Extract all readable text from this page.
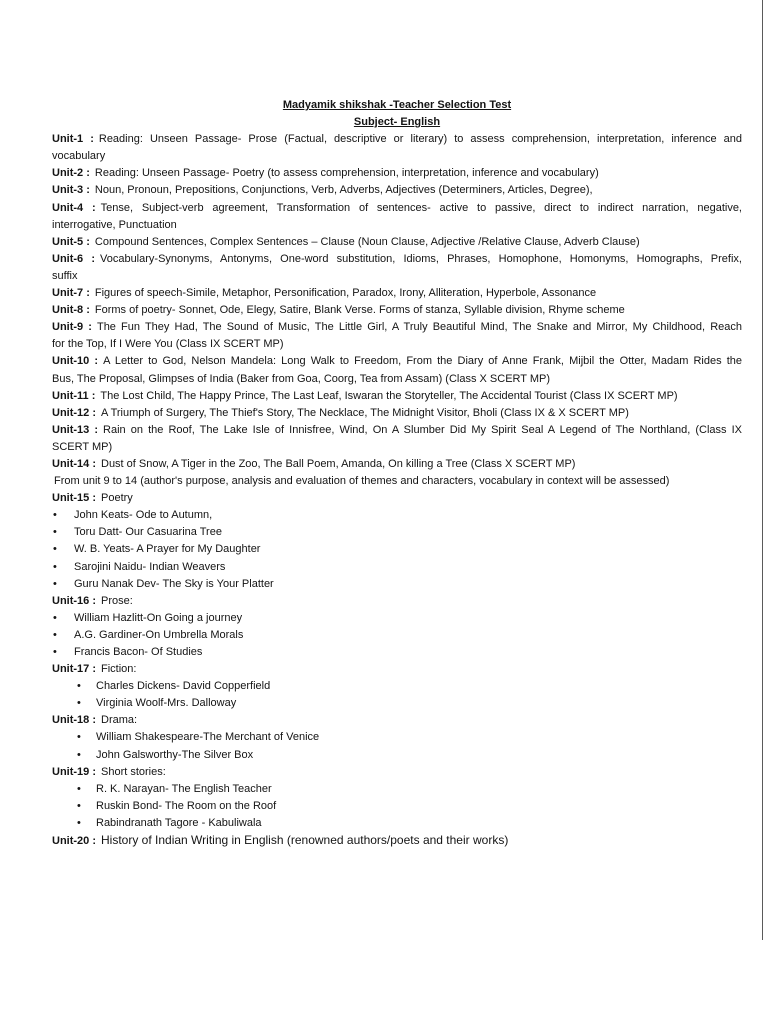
Madyamik shikshak -Teacher Selection Test
Subject- English
Unit-1 : Reading: Unseen Passage- Prose (Factual, descriptive or literary) to assess comprehension, interpretation, inference and
vocabulary
Unit-2 : Reading: Unseen Passage- Poetry (to assess comprehension, interpretation, inference and vocabulary)
Unit-3 : Noun, Pronoun, Prepositions, Conjunctions, Verb, Adverbs, Adjectives (Determiners, Articles, Degree),
Unit-4 : Tense, Subject-verb agreement, Transformation of sentences- active to passive, direct to indirect narration, negative,
interrogative, Punctuation
Unit-5 : Compound Sentences, Complex Sentences – Clause (Noun Clause, Adjective /Relative Clause, Adverb Clause)
Unit-6 : Vocabulary-Synonyms, Antonyms, One-word substitution, Idioms, Phrases, Homophone, Homonyms, Homographs, Prefix,
suffix
Unit-7 : Figures of speech-Simile, Metaphor, Personification, Paradox, Irony, Alliteration, Hyperbole, Assonance
Unit-8 : Forms of poetry- Sonnet, Ode, Elegy, Satire, Blank Verse. Forms of stanza, Syllable division, Rhyme scheme
Unit-9 : The Fun They Had, The Sound of Music, The Little Girl, A Truly Beautiful Mind, The Snake and Mirror, My Childhood, Reach
for the Top, If I Were You (Class IX SCERT MP)
Unit-10 : A Letter to God, Nelson Mandela: Long Walk to Freedom, From the Diary of Anne Frank, Mijbil the Otter, Madam Rides the
Bus, The Proposal, Glimpses of India (Baker from Goa, Coorg, Tea from Assam) (Class X SCERT MP)
Unit-11 : The Lost Child, The Happy Prince, The Last Leaf, Iswaran the Storyteller, The Accidental Tourist (Class IX SCERT MP)
Unit-12 : A Triumph of Surgery, The Thief's Story, The Necklace, The Midnight Visitor, Bholi (Class IX & X SCERT MP)
Unit-13 : Rain on the Roof, The Lake Isle of Innisfree, Wind, On A Slumber Did My Spirit Seal A Legend of The Northland, (Class IX
SCERT MP)
Unit-14 : Dust of Snow, A Tiger in the Zoo, The Ball Poem, Amanda, On killing a Tree (Class X SCERT MP)
From unit 9 to 14 (author's purpose, analysis and evaluation of themes and characters, vocabulary in context will be assessed)
Unit-15 : Poetry
•
John Keats- Ode to Autumn,
•
Toru Datt- Our Casuarina Tree
•
W. B. Yeats- A Prayer for My Daughter
•
Sarojini Naidu- Indian Weavers
•
Guru Nanak Dev- The Sky is Your Platter
Unit-16 : Prose:
•
William Hazlitt-On Going a journey
•
A.G. Gardiner-On Umbrella Morals
•
Francis Bacon- Of Studies
Unit-17 : Fiction:
•
Charles Dickens- David Copperfield
•
Virginia Woolf-Mrs. Dalloway
Unit-18 : Drama:
•
William Shakespeare-The Merchant of Venice
•
John Galsworthy-The Silver Box
Unit-19 : Short stories:
•
R. K. Narayan- The English Teacher
•
Ruskin Bond- The Room on the Roof
•
Rabindranath Tagore - Kabuliwala
Unit-20 : History of Indian Writing in English (renowned authors/poets and their works)
